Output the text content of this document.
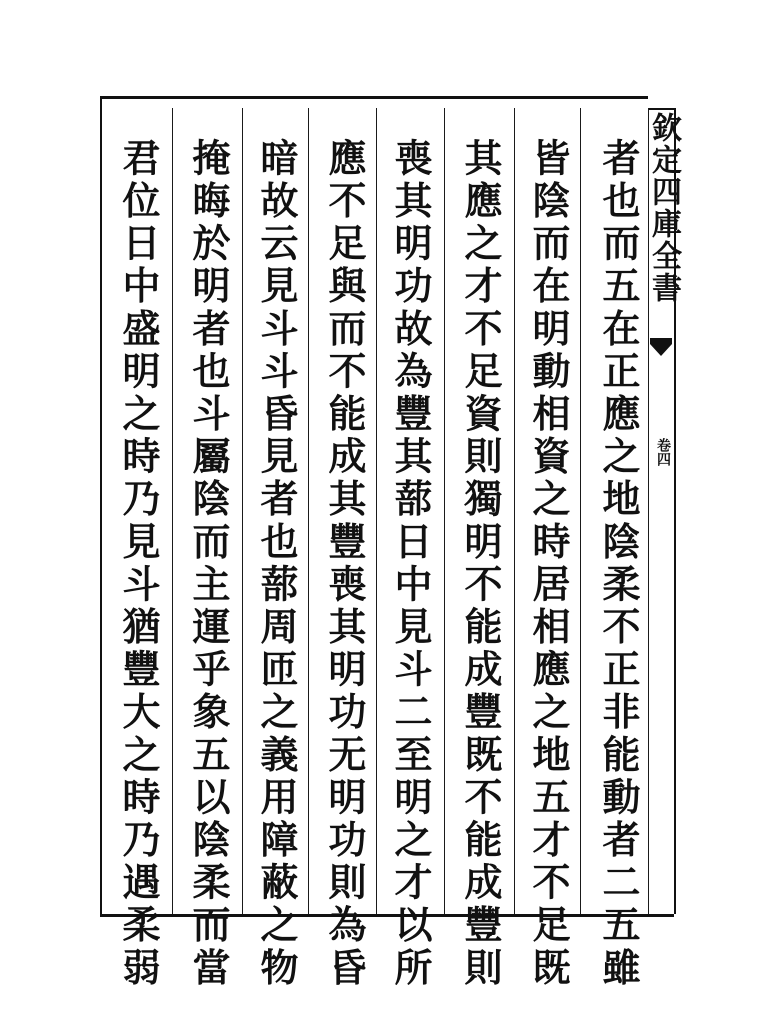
欽定四庫全書
卷四
者也而五在正應之地陰柔不正非能動者二五雖
皆陰而在明動相資之時居相應之地五才不足既
其應之才不足資則獨明不能成豐既不能成豐則
喪其明功故為豐其蔀日中見斗二至明之才以所
應不足與而不能成其豐喪其明功无明功則為昏
暗故云見斗斗昏見者也蔀周匝之義用障蔽之物
掩晦於明者也斗屬陰而主運乎象五以陰柔而當
君位日中盛明之時乃見斗猶豐大之時乃遇柔弱
